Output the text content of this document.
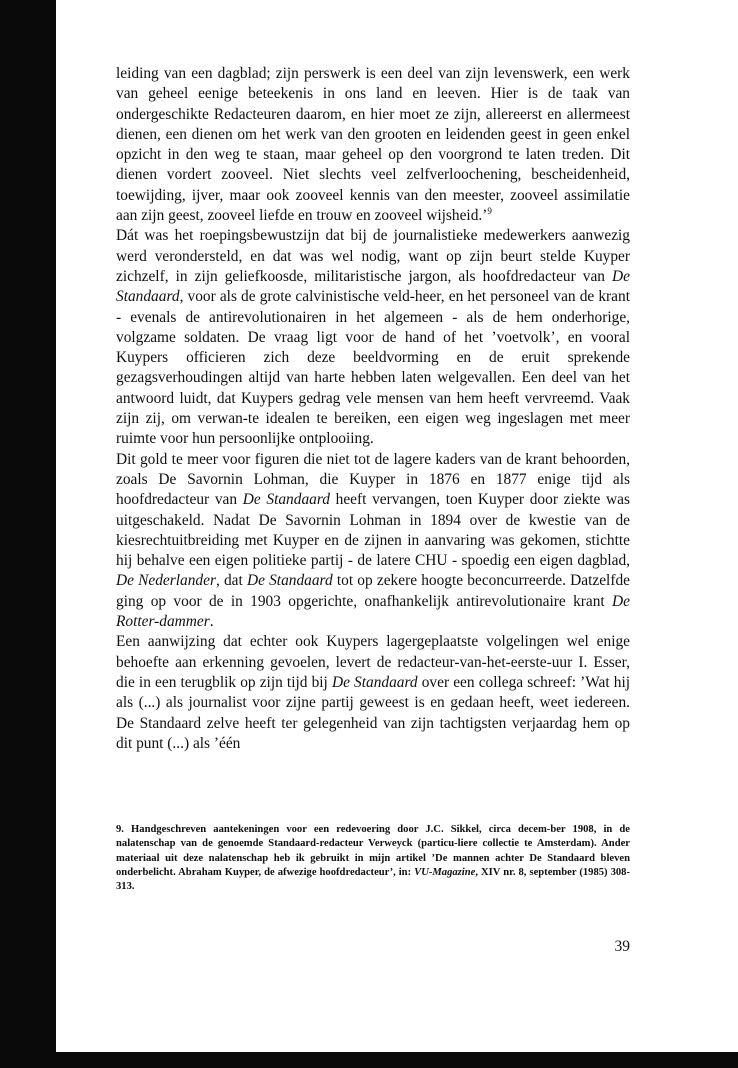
leiding van een dagblad; zijn perswerk is een deel van zijn levenswerk, een werk van geheel eenige beteekenis in ons land en leeven. Hier is de taak van ondergeschikte Redacteuren daarom, en hier moet ze zijn, allereerst en allermeest dienen, een dienen om het werk van den grooten en leidenden geest in geen enkel opzicht in den weg te staan, maar geheel op den voorgrond te laten treden. Dit dienen vordert zooveel. Niet slechts veel zelfverloochening, bescheidenheid, toewijding, ijver, maar ook zooveel kennis van den meester, zooveel assimilatie aan zijn geest, zooveel liefde en trouw en zooveel wijsheid.’$^9$

Dát was het roepingsbewustzijn dat bij de journalistieke medewerkers aanwezig werd verondersteld, en dat was wel nodig, want op zijn beurt stelde Kuyper zichzelf, in zijn geliefkoosde, militaristische jargon, als hoofdredacteur van De Standaard, voor als de grote calvinistische veld-heer, en het personeel van de krant - evenals de antirevolutionairen in het algemeen - als de hem onderhorige, volgzame soldaten. De vraag ligt voor de hand of het ’voetvolk’, en vooral Kuypers officieren zich deze beeldvorming en de eruit sprekende gezagsverhoudingen altijd van harte hebben laten welgevallen. Een deel van het antwoord luidt, dat Kuypers gedrag vele mensen van hem heeft vervreemd. Vaak zijn zij, om verwan-te idealen te bereiken, een eigen weg ingeslagen met meer ruimte voor hun persoonlijke ontplooiing.

Dit gold te meer voor figuren die niet tot de lagere kaders van de krant behoorden, zoals De Savornin Lohman, die Kuyper in 1876 en 1877 enige tijd als hoofdredacteur van De Standaard heeft vervangen, toen Kuyper door ziekte was uitgeschakeld. Nadat De Savornin Lohman in 1894 over de kwestie van de kiesrechtuitbreiding met Kuyper en de zijnen in aanvaring was gekomen, stichtte hij behalve een eigen politieke partij - de latere CHU - spoedig een eigen dagblad, De Nederlander, dat De Standaard tot op zekere hoogte beconcurreerde. Datzelfde ging op voor de in 1903 opgerichte, onafhankelijk antirevolutionaire krant De Rotter-dammer.

Een aanwijzing dat echter ook Kuypers lagergeplaatste volgelingen wel enige behoefte aan erkenning gevoelen, levert de redacteur-van-het-eerste-uur I. Esser, die in een terugblik op zijn tijd bij De Standaard over een collega schreef: ’Wat hij als (...) als journalist voor zijne partij geweest is en gedaan heeft, weet iedereen. De Standaard zelve heeft ter gelegenheid van zijn tachtigsten verjaardag hem op dit punt (...) als ’één

9. Handgeschreven aantekeningen voor een redevoering door J.C. Sikkel, circa decem-ber 1908, in de nalatenschap van de genoemde Standaard-redacteur Verweyck (particu-liere collectie te Amsterdam). Ander materiaal uit deze nalatenschap heb ik gebruikt in mijn artikel ’De mannen achter De Standaard bleven onderbelicht. Abraham Kuyper, de afwezige hoofdredacteur’, in: VU-Magazine, XIV nr. 8, september (1985) 308-313.

39
